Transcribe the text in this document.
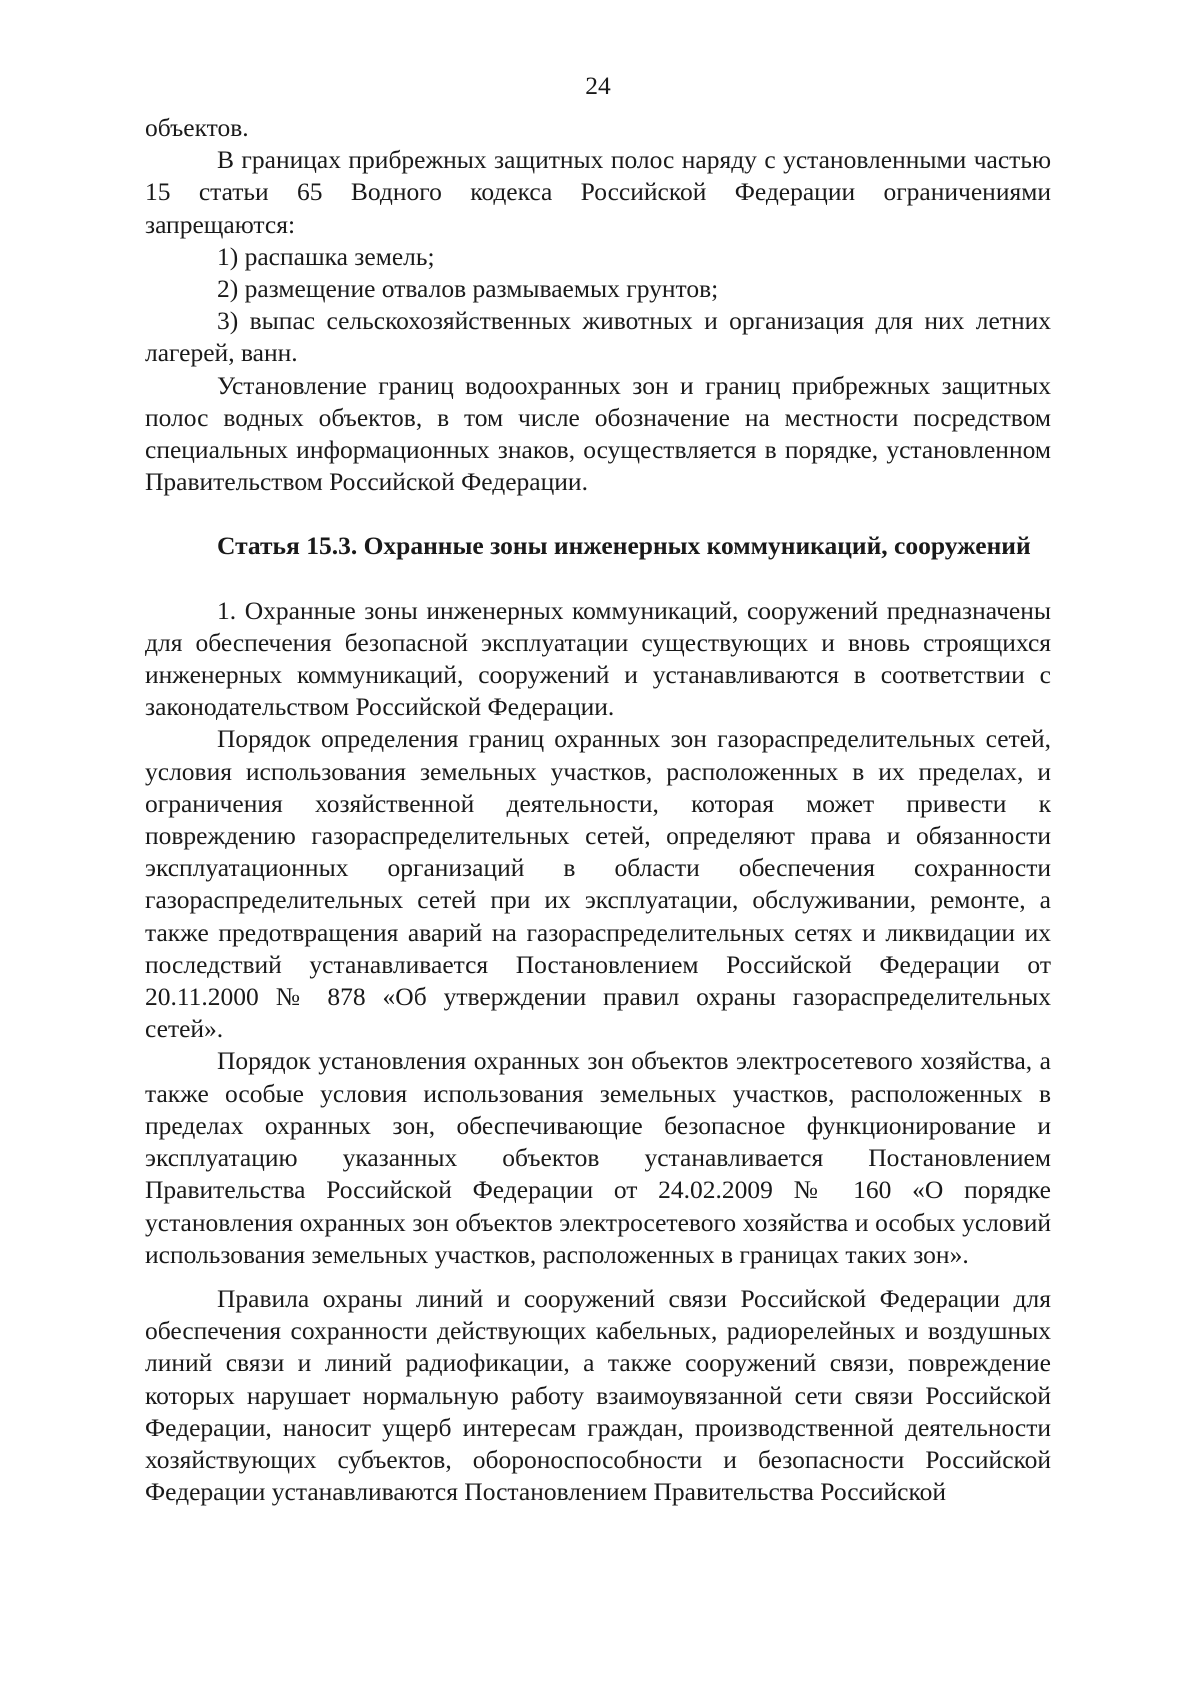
24

объектов.

В границах прибрежных защитных полос наряду с установленными частью 15 статьи 65 Водного кодекса Российской Федерации ограничениями запрещаются:

1) распашка земель;

2) размещение отвалов размываемых грунтов;

3) выпас сельскохозяйственных животных и организация для них летних лагерей, ванн.

Установление границ водоохранных зон и границ прибрежных защитных полос водных объектов, в том числе обозначение на местности посредством специальных информационных знаков, осуществляется в порядке, установленном Правительством Российской Федерации.

Статья 15.3. Охранные зоны инженерных коммуникаций, сооружений

1. Охранные зоны инженерных коммуникаций, сооружений предназначены для обеспечения безопасной эксплуатации существующих и вновь строящихся инженерных коммуникаций, сооружений и устанавливаются в соответствии с законодательством Российской Федерации.

Порядок определения границ охранных зон газораспределительных сетей, условия использования земельных участков, расположенных в их пределах, и ограничения хозяйственной деятельности, которая может привести к повреждению газораспределительных сетей, определяют права и обязанности эксплуатационных организаций в области обеспечения сохранности газораспределительных сетей при их эксплуатации, обслуживании, ремонте, а также предотвращения аварий на газораспределительных сетях и ликвидации их последствий устанавливается Постановлением Российской Федерации от 20.11.2000 № 878 «Об утверждении правил охраны газораспределительных сетей».

Порядок установления охранных зон объектов электросетевого хозяйства, а также особые условия использования земельных участков, расположенных в пределах охранных зон, обеспечивающие безопасное функционирование и эксплуатацию указанных объектов устанавливается Постановлением Правительства Российской Федерации от 24.02.2009 № 160 «О порядке установления охранных зон объектов электросетевого хозяйства и особых условий использования земельных участков, расположенных в границах таких зон».

Правила охраны линий и сооружений связи Российской Федерации для обеспечения сохранности действующих кабельных, радиорелейных и воздушных линий связи и линий радиофикации, а также сооружений связи, повреждение которых нарушает нормальную работу взаимоувязанной сети связи Российской Федерации, наносит ущерб интересам граждан, производственной деятельности хозяйствующих субъектов, обороноспособности и безопасности Российской Федерации устанавливаются Постановлением Правительства Российской
